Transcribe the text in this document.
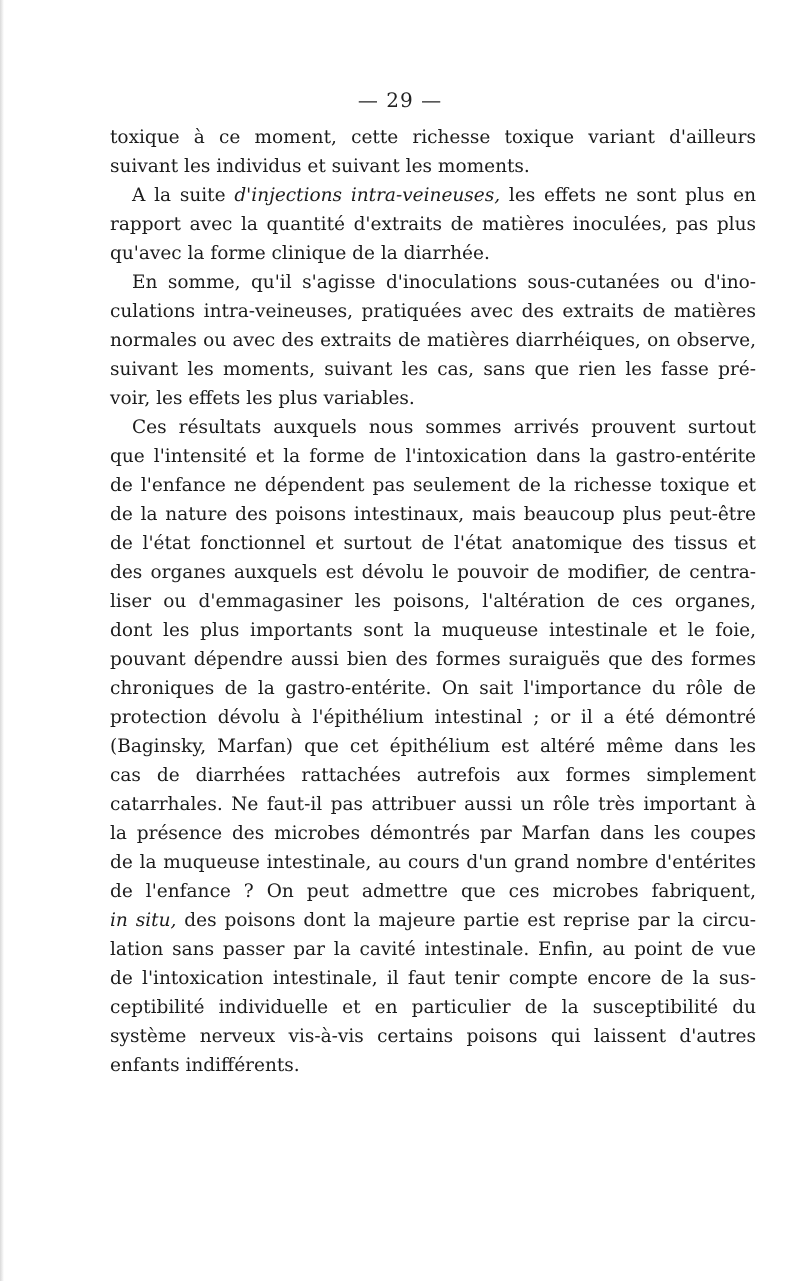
— 29 —
toxique à ce moment, cette richesse toxique variant d'ailleurs
suivant les individus et suivant les moments.
A la suite d'injections intra-veineuses, les effets ne sont plus en
rapport avec la quantité d'extraits de matières inoculées, pas plus
qu'avec la forme clinique de la diarrhée.
En somme, qu'il s'agisse d'inoculations sous-cutanées ou d'ino-
culations intra-veineuses, pratiquées avec des extraits de matières
normales ou avec des extraits de matières diarrhéiques, on observe,
suivant les moments, suivant les cas, sans que rien les fasse pré-
voir, les effets les plus variables.
Ces résultats auxquels nous sommes arrivés prouvent surtout
que l'intensité et la forme de l'intoxication dans la gastro-entérite
de l'enfance ne dépendent pas seulement de la richesse toxique et
de la nature des poisons intestinaux, mais beaucoup plus peut-être
de l'état fonctionnel et surtout de l'état anatomique des tissus et
des organes auxquels est dévolu le pouvoir de modifier, de centra-
liser ou d'emmagasiner les poisons, l'altération de ces organes,
dont les plus importants sont la muqueuse intestinale et le foie,
pouvant dépendre aussi bien des formes suraiguës que des formes
chroniques de la gastro-entérite. On sait l'importance du rôle de
protection dévolu à l'épithélium intestinal ; or il a été démontré
(Baginsky, Marfan) que cet épithélium est altéré même dans les
cas de diarrhées rattachées autrefois aux formes simplement
catarrhales. Ne faut-il pas attribuer aussi un rôle très important à
la présence des microbes démontrés par Marfan dans les coupes
de la muqueuse intestinale, au cours d'un grand nombre d'entérites
de l'enfance ? On peut admettre que ces microbes fabriquent,
in situ, des poisons dont la majeure partie est reprise par la circu-
lation sans passer par la cavité intestinale. Enfin, au point de vue
de l'intoxication intestinale, il faut tenir compte encore de la sus-
ceptibilité individuelle et en particulier de la susceptibilité du
système nerveux vis-à-vis certains poisons qui laissent d'autres
enfants indifférents.
